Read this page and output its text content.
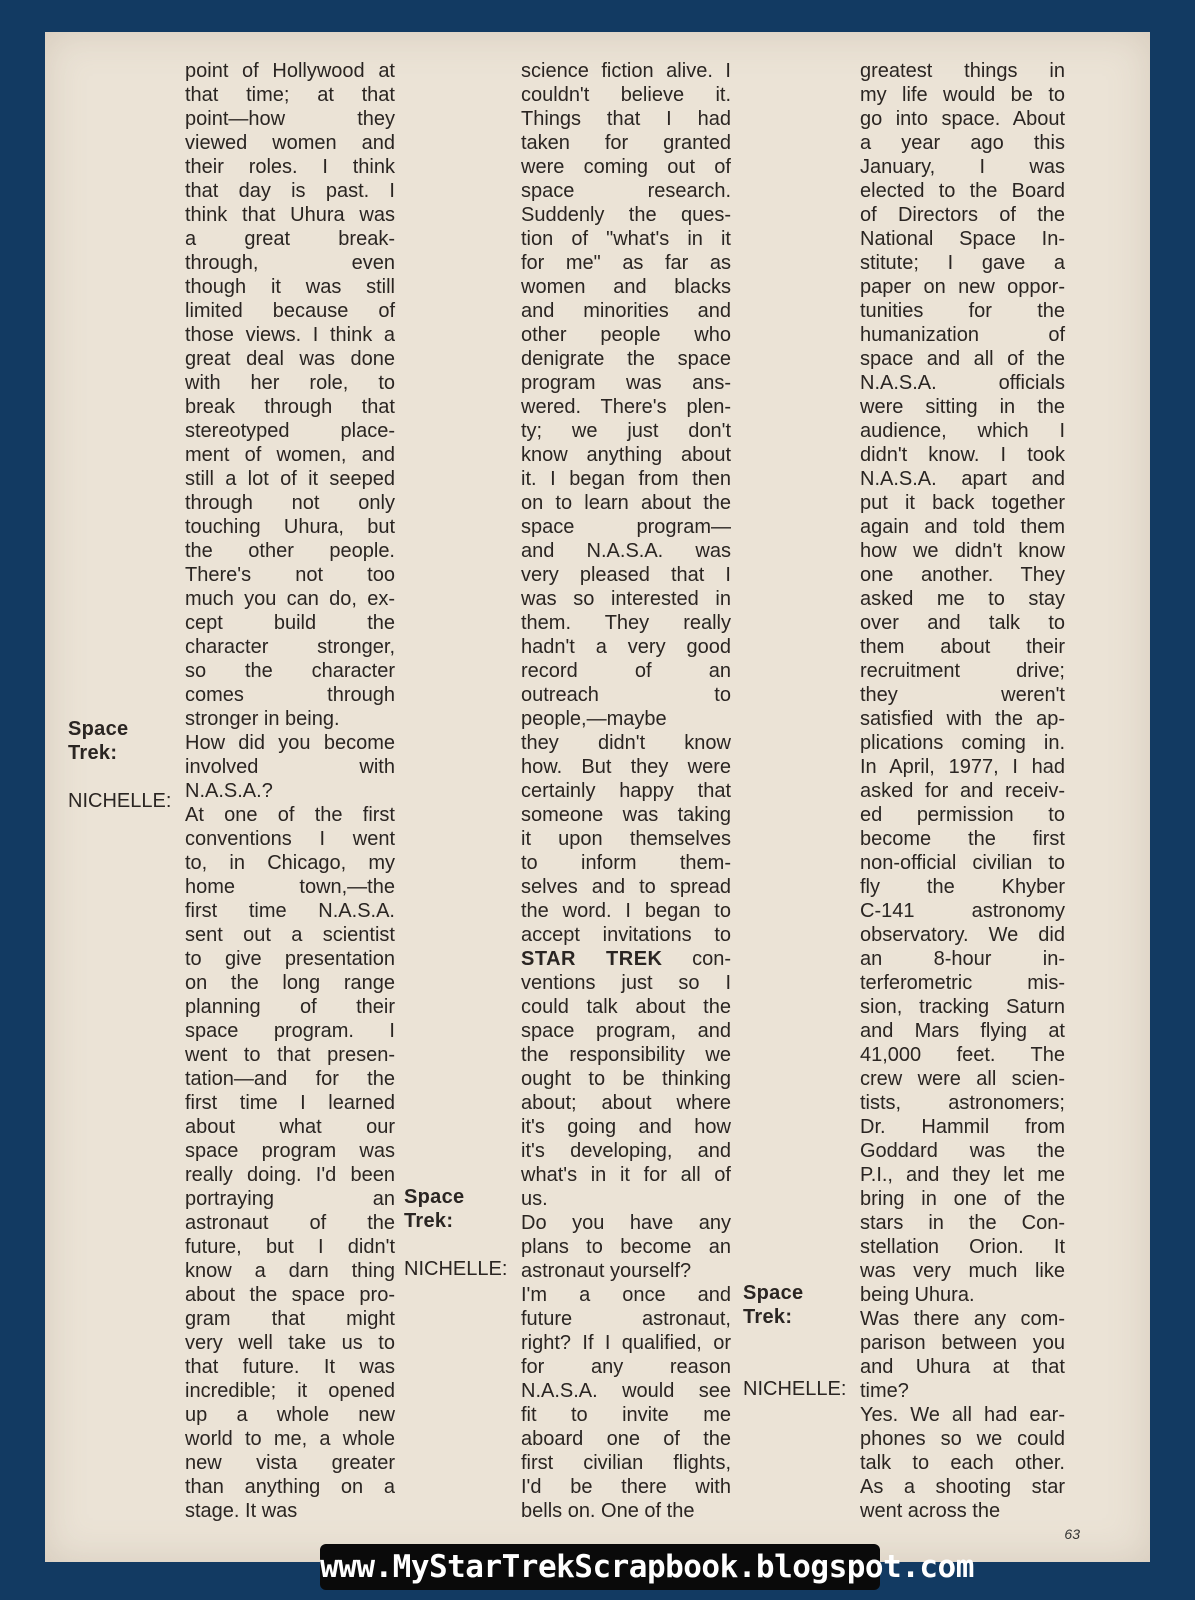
point of Hollywood at
that time; at that
point—how they
viewed women and
their roles. I think
that day is past. I
think that Uhura was
a great break-
through, even
though it was still
limited because of
those views. I think a
great deal was done
with her role, to
break through that
stereotyped place-
ment of women, and
still a lot of it seeped
through not only
touching Uhura, but
the other people.
There's not too
much you can do, ex-
cept build the
character stronger,
so the character
comes through
stronger in being.
How did you become
involved with
N.A.S.A.?
At one of the first
conventions I went
to, in Chicago, my
home town,—the
first time N.A.S.A.
sent out a scientist
to give presentation
on the long range
planning of their
space program. I
went to that presen-
tation—and for the
first time I learned
about what our
space program was
really doing. I'd been
portraying an
astronaut of the
future, but I didn't
know a darn thing
about the space pro-
gram that might
very well take us to
that future. It was
incredible; it opened
up a whole new
world to me, a whole
new vista greater
than anything on a
stage. It was
Space
Trek:
NICHELLE:
science fiction alive. I
couldn't believe it.
Things that I had
taken for granted
were coming out of
space research.
Suddenly the ques-
tion of "what's in it
for me" as far as
women and blacks
and minorities and
other people who
denigrate the space
program was ans-
wered. There's plen-
ty; we just don't
know anything about
it. I began from then
on to learn about the
space program—
and N.A.S.A. was
very pleased that I
was so interested in
them. They really
hadn't a very good
record of an
outreach to
people,—maybe
they didn't know
how. But they were
certainly happy that
someone was taking
it upon themselves
to inform them-
selves and to spread
the word. I began to
accept invitations to
STAR TREK con-
ventions just so I
could talk about the
space program, and
the responsibility we
ought to be thinking
about; about where
it's going and how
it's developing, and
what's in it for all of
us.
Do you have any
plans to become an
astronaut yourself?
I'm a once and
future astronaut,
right? If I qualified, or
for any reason
N.A.S.A. would see
fit to invite me
aboard one of the
first civilian flights,
I'd be there with
bells on. One of the
Space
Trek:
NICHELLE:
greatest things in
my life would be to
go into space. About
a year ago this
January, I was
elected to the Board
of Directors of the
National Space In-
stitute; I gave a
paper on new oppor-
tunities for the
humanization of
space and all of the
N.A.S.A. officials
were sitting in the
audience, which I
didn't know. I took
N.A.S.A. apart and
put it back together
again and told them
how we didn't know
one another. They
asked me to stay
over and talk to
them about their
recruitment drive;
they weren't
satisfied with the ap-
plications coming in.
In April, 1977, I had
asked for and receiv-
ed permission to
become the first
non-official civilian to
fly the Khyber
C-141 astronomy
observatory. We did
an 8-hour in-
terferometric mis-
sion, tracking Saturn
and Mars flying at
41,000 feet. The
crew were all scien-
tists, astronomers;
Dr. Hammil from
Goddard was the
P.I., and they let me
bring in one of the
stars in the Con-
stellation Orion. It
was very much like
being Uhura.
Was there any com-
parison between you
and Uhura at that
time?
Yes. We all had ear-
phones so we could
talk to each other.
As a shooting star
went across the
Space
Trek:
NICHELLE:
63
www.MyStarTrekScrapbook.blogspot.com
